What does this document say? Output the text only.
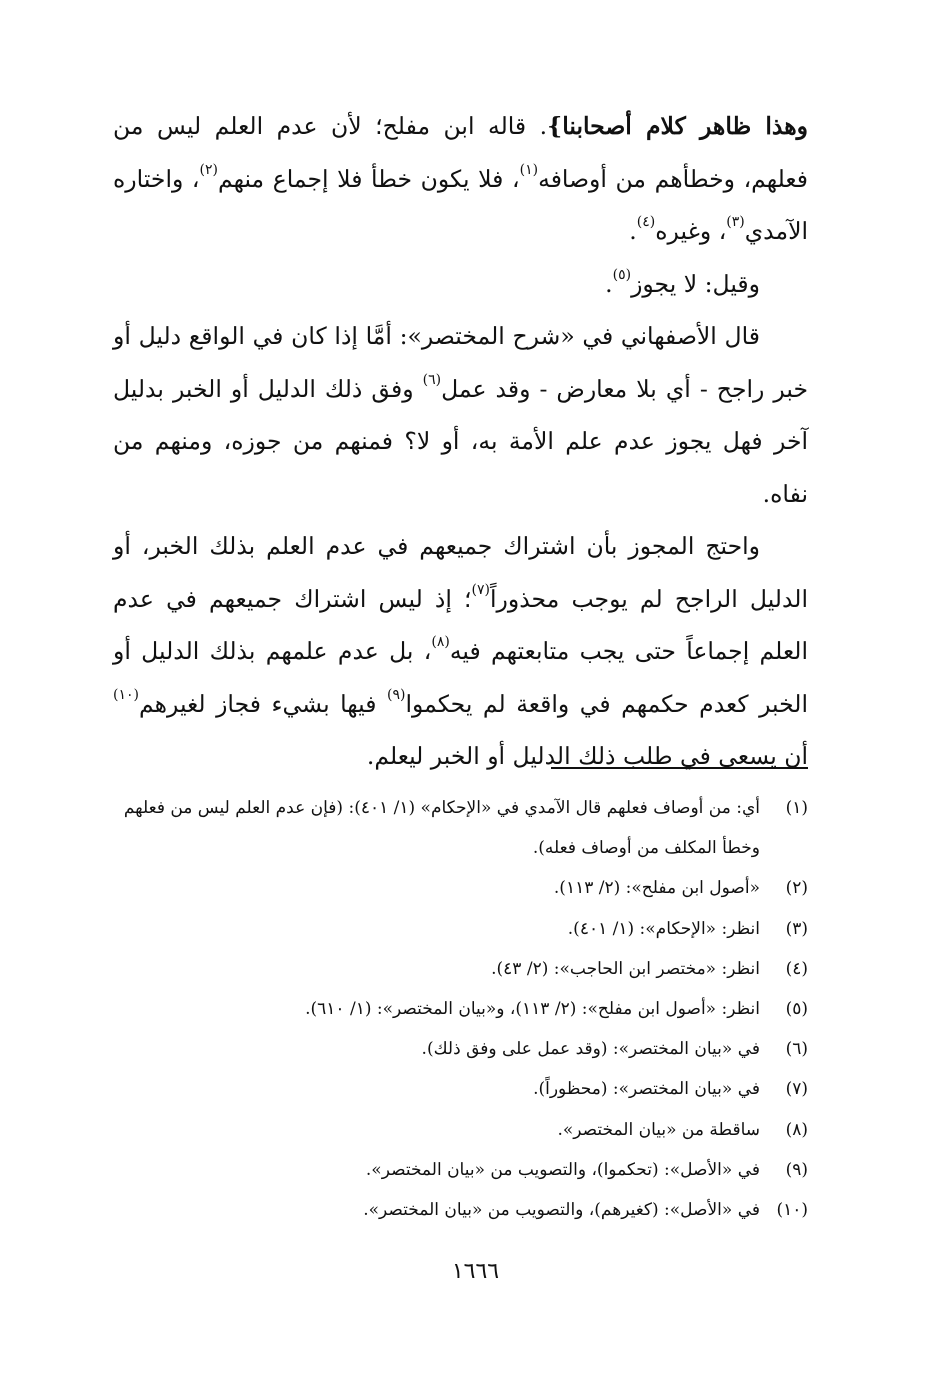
وهذا ظاهر كلام أصحابنا}. قاله ابن مفلح؛ لأن عدم العلم ليس من فعلهم، وخطأهم من أوصافه$^{(١)}$، فلا يكون خطأ فلا إجماع منهم$^{(٢)}$، واختاره الآمدي$^{(٣)}$، وغيره$^{(٤)}$.

وقيل: لا يجوز$^{(٥)}$.

قال الأصفهاني في «شرح المختصر»: أمَّا إذا كان في الواقع دليل أو خبر راجح - أي بلا معارض - وقد عمل$^{(٦)}$ وفق ذلك الدليل أو الخبر بدليل آخر فهل يجوز عدم علم الأمة به، أو لا؟ فمنهم من جوزه، ومنهم من نفاه.

واحتج المجوز بأن اشتراك جميعهم في عدم العلم بذلك الخبر، أو الدليل الراجح لم يوجب محذوراً$^{(٧)}$؛ إذ ليس اشتراك جميعهم في عدم العلم إجماعاً حتى يجب متابعتهم فيه$^{(٨)}$، بل عدم علمهم بذلك الدليل أو الخبر كعدم حكمهم في واقعة لم يحكموا$^{(٩)}$ فيها بشيء فجاز لغيرهم$^{(١٠)}$ أن يسعى في طلب ذلك الدليل أو الخبر ليعلم.

(١)
أي: من أوصاف فعلهم قال الآمدي في «الإحكام» (١/ ٤٠١): (فإن عدم العلم ليس من فعلهم وخطأ المكلف من أوصاف فعله).
(٢)
«أصول ابن مفلح»: (٢/ ١١٣).
(٣)
انظر: «الإحكام»: (١/ ٤٠١).
(٤)
انظر: «مختصر ابن الحاجب»: (٢/ ٤٣).
(٥)
انظر: «أصول ابن مفلح»: (٢/ ١١٣)، و«بيان المختصر»: (١/ ٦١٠).
(٦)
في «بيان المختصر»: (وقد عمل على وفق ذلك).
(٧)
في «بيان المختصر»: (محظوراً).
(٨)
ساقطة من «بيان المختصر».
(٩)
في «الأصل»: (تحكموا)، والتصويب من «بيان المختصر».
(١٠)
في «الأصل»: (كغيرهم)، والتصويب من «بيان المختصر».
١٦٦٦
